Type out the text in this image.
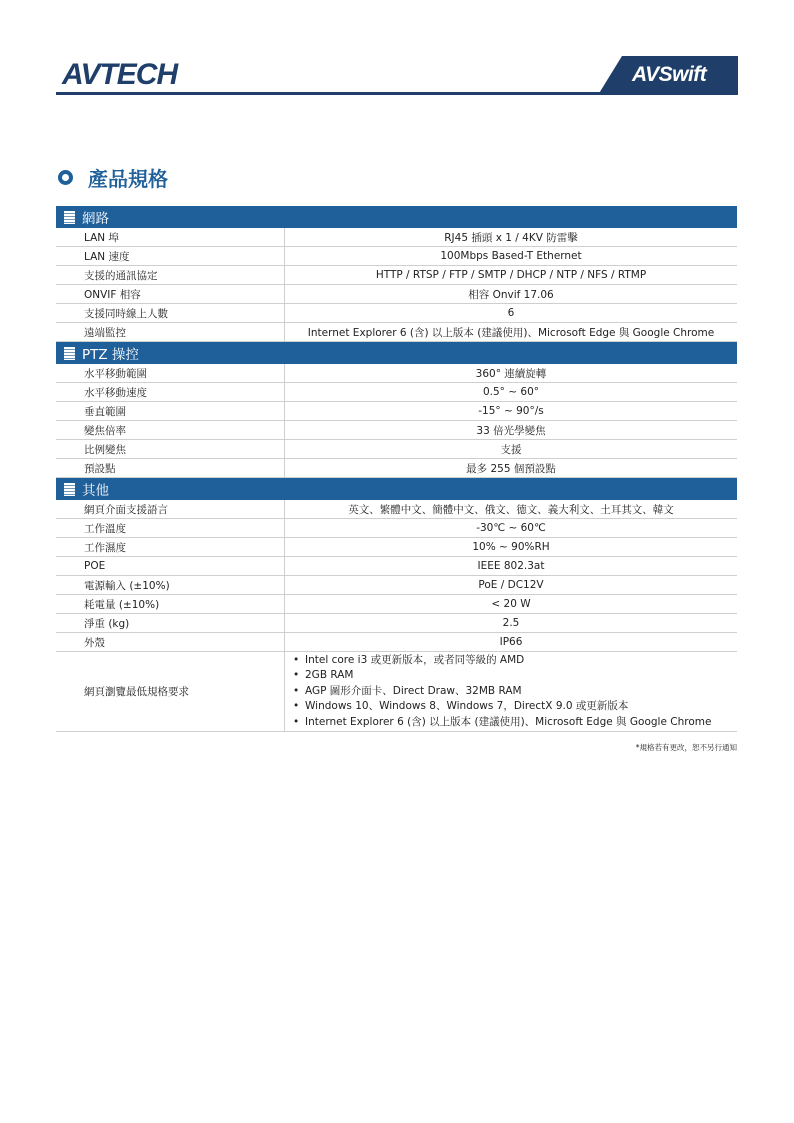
AVTECH	AVSwift
產品規格
網路
LAN 埠	RJ45 插頭 x 1 / 4KV 防雷擊
LAN 速度	100Mbps Based-T Ethernet
支援的通訊協定	HTTP / RTSP / FTP / SMTP / DHCP / NTP / NFS / RTMP
ONVIF 相容	相容 Onvif 17.06
支援同時線上人數	6
遠端監控	Internet Explorer 6 (含) 以上版本 (建議使用)、Microsoft Edge 與 Google Chrome
PTZ 操控
水平移動範圍	360° 連續旋轉
水平移動速度	0.5° ~ 60°
垂直範圍	-15° ~ 90°/s
變焦倍率	33 倍光學變焦
比例變焦	支援
預設點	最多 255 個預設點
其他
網頁介面支援語言	英文、繁體中文、簡體中文、俄文、德文、義大利文、土耳其文、韓文
工作溫度	-30℃ ~ 60℃
工作濕度	10% ~ 90%RH
POE	IEEE 802.3at
電源輸入 (±10%)	PoE / DC12V
耗電量 (±10%)	< 20 W
淨重 (kg)	2.5
外殼	IP66
網頁瀏覽最低規格要求
• Intel core i3 或更新版本，或者同等級的 AMD
• 2GB RAM
• AGP 圖形介面卡、Direct Draw、32MB RAM
• Windows 10、Windows 8、Windows 7，DirectX 9.0 或更新版本
• Internet Explorer 6 (含) 以上版本 (建議使用)、Microsoft Edge 與 Google Chrome
*規格若有更改，恕不另行通知
